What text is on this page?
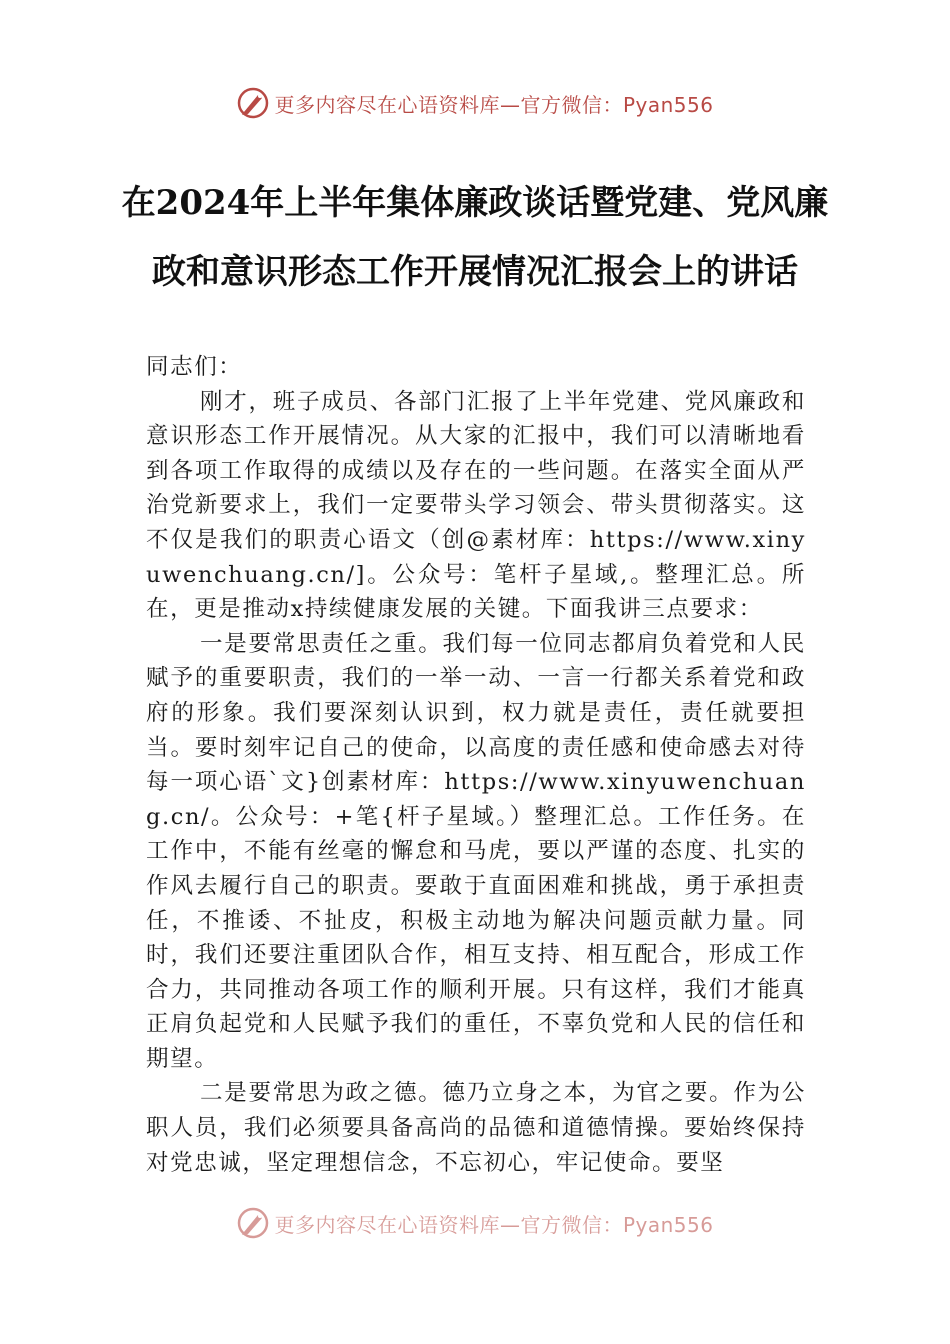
更多内容尽在心语资料库—官方微信：Pyan556
在2024年上半年集体廉政谈话暨党建、党风廉政和意识形态工作开展情况汇报会上的讲话

同志们：

刚才，班子成员、各部门汇报了上半年党建、党风廉政和意识形态工作开展情况。从大家的汇报中，我们可以清晰地看到各项工作取得的成绩以及存在的一些问题。在落实全面从严治党新要求上，我们一定要带头学习领会、带头贯彻落实。这不仅是我们的职责心语文（创@素材库：https://www.xinyuwenchuang.cn/]。公众号：笔杆子星域,。整理汇总。所在，更是推动x持续健康发展的关键。下面我讲三点要求：

一是要常思责任之重。我们每一位同志都肩负着党和人民赋予的重要职责，我们的一举一动、一言一行都关系着党和政府的形象。我们要深刻认识到，权力就是责任，责任就要担当。要时刻牢记自己的使命，以高度的责任感和使命感去对待每一项心语`文}创素材库：https://www.xinyuwenchuang.cn/。公众号：+笔{杆子星域。）整理汇总。工作任务。在工作中，不能有丝毫的懈怠和马虎，要以严谨的态度、扎实的作风去履行自己的职责。要敢于直面困难和挑战，勇于承担责任，不推诿、不扯皮，积极主动地为解决问题贡献力量。同时，我们还要注重团队合作，相互支持、相互配合，形成工作合力，共同推动各项工作的顺利开展。只有这样，我们才能真正肩负起党和人民赋予我们的重任，不辜负党和人民的信任和期望。

二是要常思为政之德。德乃立身之本，为官之要。作为公职人员，我们必须要具备高尚的品德和道德情操。要始终保持对党忠诚，坚定理想信念，不忘初心，牢记使命。要坚

更多内容尽在心语资料库—官方微信：Pyan556
